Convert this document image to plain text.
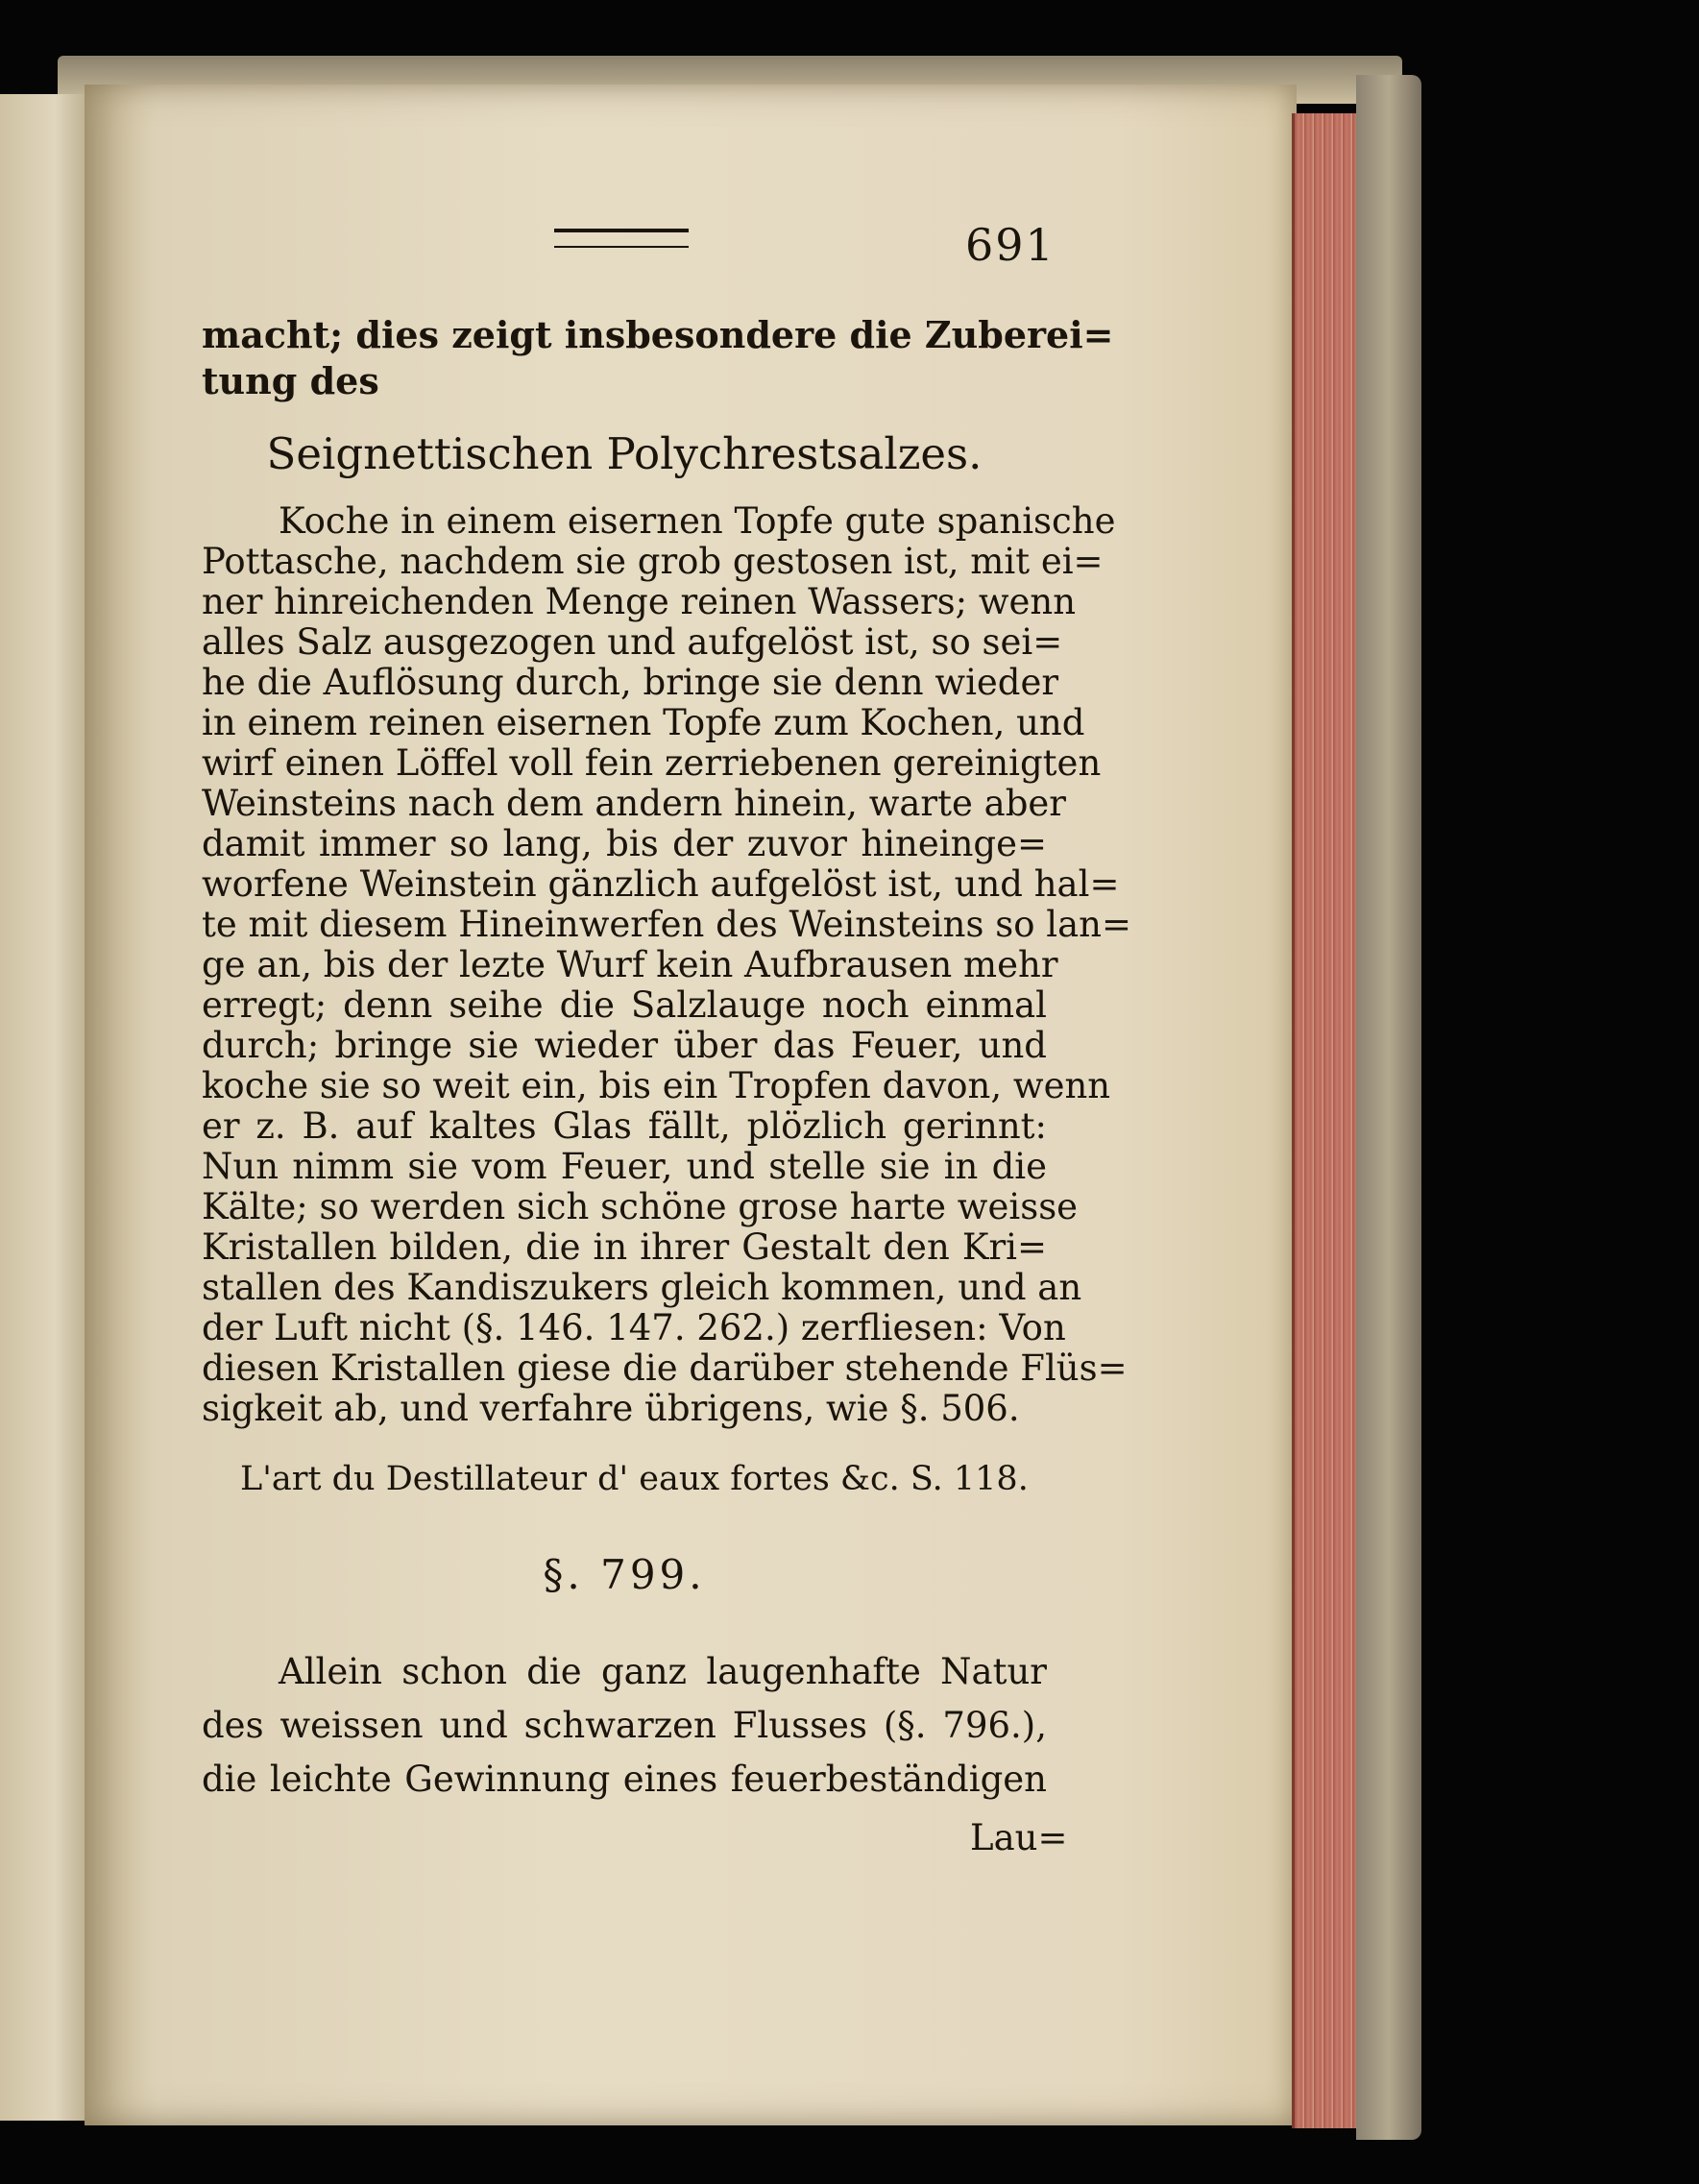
691
macht; dies zeigt insbesondere die Zuberei=
tung des
Seignettischen Polychrestsalzes.
Koche in einem eisernen Topfe gute spanische
Pottasche, nachdem sie grob gestosen ist, mit ei=
ner hinreichenden Menge reinen Wassers; wenn
alles Salz ausgezogen und aufgelöst ist, so sei=
he die Auflösung durch, bringe sie denn wieder
in einem reinen eisernen Topfe zum Kochen, und
wirf einen Löffel voll fein zerriebenen gereinigten
Weinsteins nach dem andern hinein, warte aber
damit immer so lang, bis der zuvor hineinge=
worfene Weinstein gänzlich aufgelöst ist, und hal=
te mit diesem Hineinwerfen des Weinsteins so lan=
ge an, bis der lezte Wurf kein Aufbrausen mehr
erregt; denn seihe die Salzlauge noch einmal
durch; bringe sie wieder über das Feuer, und
koche sie so weit ein, bis ein Tropfen davon, wenn
er z. B. auf kaltes Glas fällt, plözlich gerinnt:
Nun nimm sie vom Feuer, und stelle sie in die
Kälte; so werden sich schöne grose harte weisse
Kristallen bilden, die in ihrer Gestalt den Kri=
stallen des Kandiszukers gleich kommen, und an
der Luft nicht (§. 146. 147. 262.) zerfliesen: Von
diesen Kristallen giese die darüber stehende Flüs=
sigkeit ab, und verfahre übrigens, wie §. 506.
L'art du Destillateur d' eaux fortes &c. S. 118.
§. 799.
Allein schon die ganz laugenhafte Natur
des weissen und schwarzen Flusses (§. 796.),
die leichte Gewinnung eines feuerbeständigen
Lau=
